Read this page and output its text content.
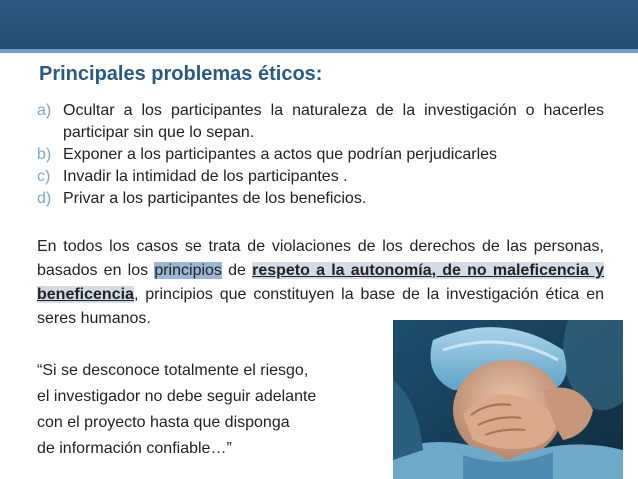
Principales problemas éticos:
a) Ocultar a los participantes la naturaleza de la investigación o hacerles participar sin que lo sepan.
b) Exponer a los participantes a actos que podrían perjudicarles
c) Invadir la intimidad de los participantes .
d) Privar a los participantes de los beneficios.
En todos los casos se trata de violaciones de los derechos de las personas, basados en los principios de respeto a la autonomía, de no maleficencia y beneficencia, principios que constituyen la base de la investigación ética en seres humanos.
“Si se desconoce totalmente el riesgo,
el investigador no debe seguir adelante
con el proyecto hasta que disponga
de información confiable…”
